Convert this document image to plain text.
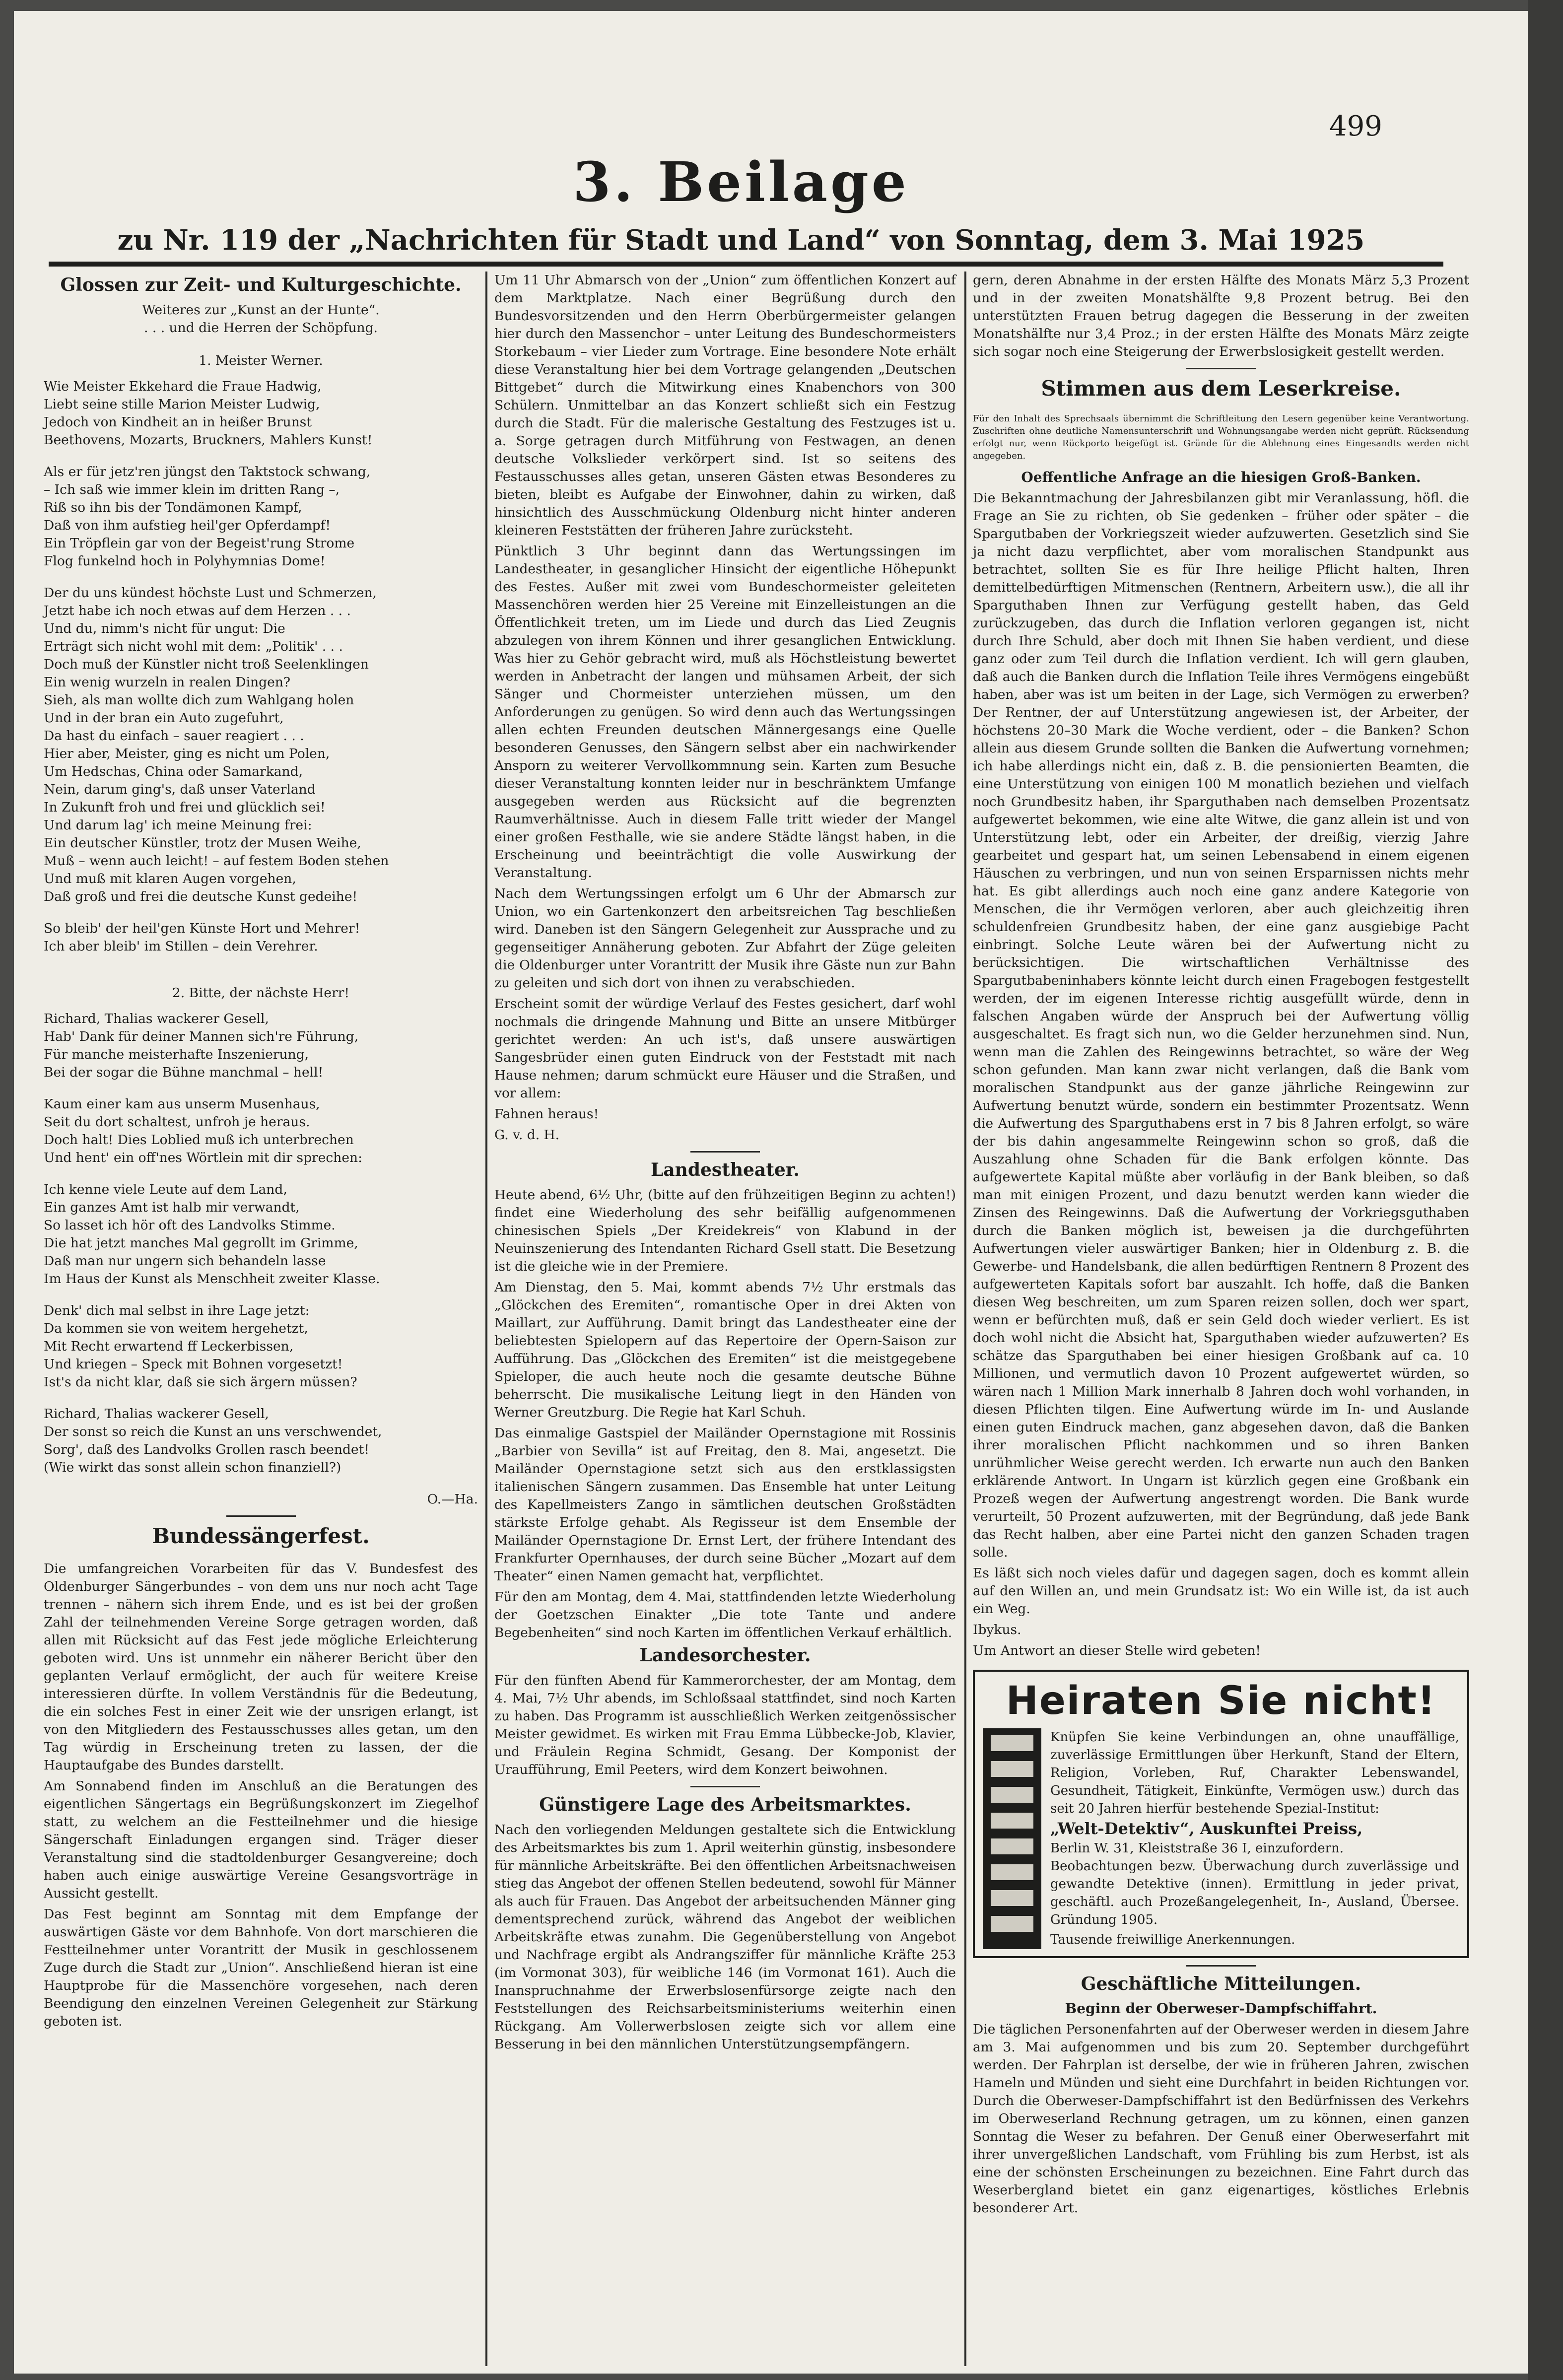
499
3. Beilage
zu Nr. 119 der „Nachrichten für Stadt und Land“ von Sonntag, dem 3. Mai 1925
Glossen zur Zeit- und Kulturgeschichte.
Weiteres zur „Kunst an der Hunte“.
. . . und die Herren der Schöpfung.
1. Meister Werner.
Wie Meister Ekkehard die Fraue Hadwig,
Liebt seine stille Marion Meister Ludwig,
Jedoch von Kindheit an in heißer Brunst
Beethovens, Mozarts, Bruckners, Mahlers Kunst!
Als er für jetz'ren jüngst den Taktstock schwang,
– Ich saß wie immer klein im dritten Rang –,
Riß so ihn bis der Tondämonen Kampf,
Daß von ihm aufstieg heil'ger Opferdampf!
Ein Tröpflein gar von der Begeist'rung Strome
Flog funkelnd hoch in Polyhymnias Dome!
Der du uns kündest höchste Lust und Schmerzen,
Jetzt habe ich noch etwas auf dem Herzen . . .
Und du, nimm's nicht für ungut: Die
Erträgt sich nicht wohl mit dem: „Politik' . . .
Doch muß der Künstler nicht troß Seelenklingen
Ein wenig wurzeln in realen Dingen?
Sieh, als man wollte dich zum Wahlgang holen
Und in der bran ein Auto zugefuhrt,
Da hast du einfach – sauer reagiert . . .
Hier aber, Meister, ging es nicht um Polen,
Um Hedschas, China oder Samarkand,
Nein, darum ging's, daß unser Vaterland
In Zukunft froh und frei und glücklich sei!
Und darum lag' ich meine Meinung frei:
Ein deutscher Künstler, trotz der Musen Weihe,
Muß – wenn auch leicht! – auf festem Boden stehen
Und muß mit klaren Augen vorgehen,
Daß groß und frei die deutsche Kunst gedeihe!
So bleib' der heil'gen Künste Hort und Mehrer!
Ich aber bleib' im Stillen – dein Verehrer.
2. Bitte, der nächste Herr!
Richard, Thalias wackerer Gesell,
Hab' Dank für deiner Mannen sich're Führung,
Für manche meisterhafte Inszenierung,
Bei der sogar die Bühne manchmal – hell!
Kaum einer kam aus unserm Musenhaus,
Seit du dort schaltest, unfroh je heraus.
Doch halt! Dies Loblied muß ich unterbrechen
Und hent' ein off'nes Wörtlein mit dir sprechen:
Ich kenne viele Leute auf dem Land,
Ein ganzes Amt ist halb mir verwandt,
So lasset ich hör oft des Landvolks Stimme.
Die hat jetzt manches Mal gegrollt im Grimme,
Daß man nur ungern sich behandeln lasse
Im Haus der Kunst als Menschheit zweiter Klasse.
Denk' dich mal selbst in ihre Lage jetzt:
Da kommen sie von weitem hergehetzt,
Mit Recht erwartend ff Leckerbissen,
Und kriegen – Speck mit Bohnen vorgesetzt!
Ist's da nicht klar, daß sie sich ärgern müssen?
Richard, Thalias wackerer Gesell,
Der sonst so reich die Kunst an uns verschwendet,
Sorg', daß des Landvolks Grollen rasch beendet!
(Wie wirkt das sonst allein schon finanziell?)
O.—Ha.
Bundessängerfest.

Die umfangreichen Vorarbeiten für das V. Bundesfest des Oldenburger Sängerbundes – von dem uns nur noch acht Tage trennen – nähern sich ihrem Ende, und es ist bei der großen Zahl der teilnehmenden Vereine Sorge getragen worden, daß allen mit Rücksicht auf das Fest jede mögliche Erleichterung geboten wird. Uns ist unnmehr ein näherer Bericht über den geplanten Verlauf ermöglicht, der auch für weitere Kreise interessieren dürfte. In vollem Verständnis für die Bedeutung, die ein solches Fest in einer Zeit wie der unsrigen erlangt, ist von den Mitgliedern des Festausschusses alles getan, um den Tag würdig in Erscheinung treten zu lassen, der die Hauptaufgabe des Bundes darstellt.

Am Sonnabend finden im Anschluß an die Beratungen des eigentlichen Sängertags ein Begrüßungskonzert im Ziegelhof statt, zu welchem an die Festteilnehmer und die hiesige Sängerschaft Einladungen ergangen sind. Träger dieser Veranstaltung sind die stadtoldenburger Gesangvereine; doch haben auch einige auswärtige Vereine Gesangsvorträge in Aussicht gestellt.

Das Fest beginnt am Sonntag mit dem Empfange der auswärtigen Gäste vor dem Bahnhofe. Von dort marschieren die Festteilnehmer unter Vorantritt der Musik in geschlossenem Zuge durch die Stadt zur „Union“. Anschließend hieran ist eine Hauptprobe für die Massenchöre vorgesehen, nach deren Beendigung den einzelnen Vereinen Gelegenheit zur Stärkung geboten ist.

Um 11 Uhr Abmarsch von der „Union“ zum öffentlichen Konzert auf dem Marktplatze. Nach einer Begrüßung durch den Bundesvorsitzenden und den Herrn Oberbürgermeister gelangen hier durch den Massenchor – unter Leitung des Bundeschormeisters Storkebaum – vier Lieder zum Vortrage. Eine besondere Note erhält diese Veranstaltung hier bei dem Vortrage gelangenden „Deutschen Bittgebet“ durch die Mitwirkung eines Knabenchors von 300 Schülern. Unmittelbar an das Konzert schließt sich ein Festzug durch die Stadt. Für die malerische Gestaltung des Festzuges ist u. a. Sorge getragen durch Mitführung von Festwagen, an denen deutsche Volkslieder verkörpert sind. Ist so seitens des Festausschusses alles getan, unseren Gästen etwas Besonderes zu bieten, bleibt es Aufgabe der Einwohner, dahin zu wirken, daß hinsichtlich des Ausschmückung Oldenburg nicht hinter anderen kleineren Feststätten der früheren Jahre zurücksteht.

Pünktlich 3 Uhr beginnt dann das Wertungssingen im Landestheater, in gesanglicher Hinsicht der eigentliche Höhepunkt des Festes. Außer mit zwei vom Bundeschormeister geleiteten Massenchören werden hier 25 Vereine mit Einzelleistungen an die Öffentlichkeit treten, um im Liede und durch das Lied Zeugnis abzulegen von ihrem Können und ihrer gesanglichen Entwicklung. Was hier zu Gehör gebracht wird, muß als Höchstleistung bewertet werden in Anbetracht der langen und mühsamen Arbeit, der sich Sänger und Chormeister unterziehen müssen, um den Anforderungen zu genügen. So wird denn auch das Wertungssingen allen echten Freunden deutschen Männergesangs eine Quelle besonderen Genusses, den Sängern selbst aber ein nachwirkender Ansporn zu weiterer Vervollkommnung sein. Karten zum Besuche dieser Veranstaltung konnten leider nur in beschränktem Umfange ausgegeben werden aus Rücksicht auf die begrenzten Raumverhältnisse. Auch in diesem Falle tritt wieder der Mangel einer großen Festhalle, wie sie andere Städte längst haben, in die Erscheinung und beeinträchtigt die volle Auswirkung der Veranstaltung.

Nach dem Wertungssingen erfolgt um 6 Uhr der Abmarsch zur Union, wo ein Gartenkonzert den arbeitsreichen Tag beschließen wird. Daneben ist den Sängern Gelegenheit zur Aussprache und zu gegenseitiger Annäherung geboten. Zur Abfahrt der Züge geleiten die Oldenburger unter Vorantritt der Musik ihre Gäste nun zur Bahn zu geleiten und sich dort von ihnen zu verabschieden.

Erscheint somit der würdige Verlauf des Festes gesichert, darf wohl nochmals die dringende Mahnung und Bitte an unsere Mitbürger gerichtet werden: An uch ist's, daß unsere auswärtigen Sangesbrüder einen guten Eindruck von der Feststadt mit nach Hause nehmen; darum schmückt eure Häuser und die Straßen, und vor allem:

Fahnen heraus!

G. v. d. H.

Landestheater.

Heute abend, 6½ Uhr, (bitte auf den frühzeitigen Beginn zu achten!) findet eine Wiederholung des sehr beifällig aufgenommenen chinesischen Spiels „Der Kreidekreis“ von Klabund in der Neuinszenierung des Intendanten Richard Gsell statt. Die Besetzung ist die gleiche wie in der Premiere.

Am Dienstag, den 5. Mai, kommt abends 7½ Uhr erstmals das „Glöckchen des Eremiten“, romantische Oper in drei Akten von Maillart, zur Aufführung. Damit bringt das Landestheater eine der beliebtesten Spielopern auf das Repertoire der Opern-Saison zur Aufführung. Das „Glöckchen des Eremiten“ ist die meistgegebene Spieloper, die auch heute noch die gesamte deutsche Bühne beherrscht. Die musikalische Leitung liegt in den Händen von Werner Greutzburg. Die Regie hat Karl Schuh.

Das einmalige Gastspiel der Mailänder Opernstagione mit Rossinis „Barbier von Sevilla“ ist auf Freitag, den 8. Mai, angesetzt. Die Mailänder Opernstagione setzt sich aus den erstklassigsten italienischen Sängern zusammen. Das Ensemble hat unter Leitung des Kapellmeisters Zango in sämtlichen deutschen Großstädten stärkste Erfolge gehabt. Als Regisseur ist dem Ensemble der Mailänder Opernstagione Dr. Ernst Lert, der frühere Intendant des Frankfurter Opernhauses, der durch seine Bücher „Mozart auf dem Theater“ einen Namen gemacht hat, verpflichtet.

Für den am Montag, dem 4. Mai, stattfindenden letzte Wiederholung der Goetzschen Einakter „Die tote Tante und andere Begebenheiten“ sind noch Karten im öffentlichen Verkauf erhältlich.

Landesorchester.

Für den fünften Abend für Kammerorchester, der am Montag, dem 4. Mai, 7½ Uhr abends, im Schloßsaal stattfindet, sind noch Karten zu haben. Das Programm ist ausschließlich Werken zeitgenössischer Meister gewidmet. Es wirken mit Frau Emma Lübbecke-Job, Klavier, und Fräulein Regina Schmidt, Gesang. Der Komponist der Uraufführung, Emil Peeters, wird dem Konzert beiwohnen.

Günstigere Lage des Arbeitsmarktes.

Nach den vorliegenden Meldungen gestaltete sich die Entwicklung des Arbeitsmarktes bis zum 1. April weiterhin günstig, insbesondere für männliche Arbeitskräfte. Bei den öffentlichen Arbeitsnachweisen stieg das Angebot der offenen Stellen bedeutend, sowohl für Männer als auch für Frauen. Das Angebot der arbeitsuchenden Männer ging dementsprechend zurück, während das Angebot der weiblichen Arbeitskräfte etwas zunahm. Die Gegenüberstellung von Angebot und Nachfrage ergibt als Andrangsziffer für männliche Kräfte 253 (im Vormonat 303), für weibliche 146 (im Vormonat 161). Auch die Inanspruchnahme der Erwerbslosenfürsorge zeigte nach den Feststellungen des Reichsarbeitsministeriums weiterhin einen Rückgang. Am Vollerwerbslosen zeigte sich vor allem eine Besserung in bei den männlichen Unterstützungsempfängern.

gern, deren Abnahme in der ersten Hälfte des Monats März 5,3 Prozent und in der zweiten Monatshälfte 9,8 Prozent betrug. Bei den unterstützten Frauen betrug dagegen die Besserung in der zweiten Monatshälfte nur 3,4 Proz.; in der ersten Hälfte des Monats März zeigte sich sogar noch eine Steigerung der Erwerbslosigkeit gestellt werden.

Stimmen aus dem Leserkreise.

Für den Inhalt des Sprechsaals übernimmt die Schriftleitung den Lesern gegenüber keine Verantwortung. Zuschriften ohne deutliche Namensunterschrift und Wohnungsangabe werden nicht geprüft. Rücksendung erfolgt nur, wenn Rückporto beigefügt ist. Gründe für die Ablehnung eines Eingesandts werden nicht angegeben.

Oeffentliche Anfrage an die hiesigen Groß-Banken.

Die Bekanntmachung der Jahresbilanzen gibt mir Veranlassung, höfl. die Frage an Sie zu richten, ob Sie gedenken – früher oder später – die Spargutbaben der Vorkriegszeit wieder aufzuwerten. Gesetzlich sind Sie ja nicht dazu verpflichtet, aber vom moralischen Standpunkt aus betrachtet, sollten Sie es für Ihre heilige Pflicht halten, Ihren demittelbedürftigen Mitmenschen (Rentnern, Arbeitern usw.), die all ihr Sparguthaben Ihnen zur Verfügung gestellt haben, das Geld zurückzugeben, das durch die Inflation verloren gegangen ist, nicht durch Ihre Schuld, aber doch mit Ihnen Sie haben verdient, und diese ganz oder zum Teil durch die Inflation verdient. Ich will gern glauben, daß auch die Banken durch die Inflation Teile ihres Vermögens eingebüßt haben, aber was ist um beiten in der Lage, sich Vermögen zu erwerben? Der Rentner, der auf Unterstützung angewiesen ist, der Arbeiter, der höchstens 20–30 Mark die Woche verdient, oder – die Banken? Schon allein aus diesem Grunde sollten die Banken die Aufwertung vornehmen; ich habe allerdings nicht ein, daß z. B. die pensionierten Beamten, die eine Unterstützung von einigen 100 M monatlich beziehen und vielfach noch Grundbesitz haben, ihr Sparguthaben nach demselben Prozentsatz aufgewertet bekommen, wie eine alte Witwe, die ganz allein ist und von Unterstützung lebt, oder ein Arbeiter, der dreißig, vierzig Jahre gearbeitet und gespart hat, um seinen Lebensabend in einem eigenen Häuschen zu verbringen, und nun von seinen Ersparnissen nichts mehr hat. Es gibt allerdings auch noch eine ganz andere Kategorie von Menschen, die ihr Vermögen verloren, aber auch gleichzeitig ihren schuldenfreien Grundbesitz haben, der eine ganz ausgiebige Pacht einbringt. Solche Leute wären bei der Aufwertung nicht zu berücksichtigen. Die wirtschaftlichen Verhältnisse des Spargutbabeninhabers könnte leicht durch einen Fragebogen festgestellt werden, der im eigenen Interesse richtig ausgefüllt würde, denn in falschen Angaben würde der Anspruch bei der Aufwertung völlig ausgeschaltet. Es fragt sich nun, wo die Gelder herzunehmen sind. Nun, wenn man die Zahlen des Reingewinns betrachtet, so wäre der Weg schon gefunden. Man kann zwar nicht verlangen, daß die Bank vom moralischen Standpunkt aus der ganze jährliche Reingewinn zur Aufwertung benutzt würde, sondern ein bestimmter Prozentsatz. Wenn die Aufwertung des Sparguthabens erst in 7 bis 8 Jahren erfolgt, so wäre der bis dahin angesammelte Reingewinn schon so groß, daß die Auszahlung ohne Schaden für die Bank erfolgen könnte. Das aufgewertete Kapital müßte aber vorläufig in der Bank bleiben, so daß man mit einigen Prozent, und dazu benutzt werden kann wieder die Zinsen des Reingewinns. Daß die Aufwertung der Vorkriegsguthaben durch die Banken möglich ist, beweisen ja die durchgeführten Aufwertungen vieler auswärtiger Banken; hier in Oldenburg z. B. die Gewerbe- und Handelsbank, die allen bedürftigen Rentnern 8 Prozent des aufgewerteten Kapitals sofort bar auszahlt. Ich hoffe, daß die Banken diesen Weg beschreiten, um zum Sparen reizen sollen, doch wer spart, wenn er befürchten muß, daß er sein Geld doch wieder verliert. Es ist doch wohl nicht die Absicht hat, Sparguthaben wieder aufzuwerten? Es schätze das Sparguthaben bei einer hiesigen Großbank auf ca. 10 Millionen, und vermutlich davon 10 Prozent aufgewertet würden, so wären nach 1 Million Mark innerhalb 8 Jahren doch wohl vorhanden, in diesen Pflichten tilgen. Eine Aufwertung würde im In- und Auslande einen guten Eindruck machen, ganz abgesehen davon, daß die Banken ihrer moralischen Pflicht nachkommen und so ihren Banken unrühmlicher Weise gerecht werden. Ich erwarte nun auch den Banken erklärende Antwort. In Ungarn ist kürzlich gegen eine Großbank ein Prozeß wegen der Aufwertung angestrengt worden. Die Bank wurde verurteilt, 50 Prozent aufzuwerten, mit der Begründung, daß jede Bank das Recht halben, aber eine Partei nicht den ganzen Schaden tragen solle.

Es läßt sich noch vieles dafür und dagegen sagen, doch es kommt allein auf den Willen an, und mein Grundsatz ist: Wo ein Wille ist, da ist auch ein Weg.

Ibykus.

Um Antwort an dieser Stelle wird gebeten!

Heiraten Sie nicht!

Knüpfen Sie keine Verbindungen an, ohne unauffällige, zuverlässige Ermittlungen über Herkunft, Stand der Eltern, Religion, Vorleben, Ruf, Charakter Lebenswandel, Gesundheit, Tätigkeit, Einkünfte, Vermögen usw.) durch das seit 20 Jahren hierfür bestehende Spezial-Institut:

„Welt-Detektiv“, Auskunftei Preiss,

Berlin W. 31, Kleiststraße 36 I, einzufordern.

Beobachtungen bezw. Überwachung durch zuverlässige und gewandte Detektive (innen). Ermittlung in jeder privat, geschäftl. auch Prozeßangelegenheit, In-, Ausland, Übersee. Gründung 1905.

Tausende freiwillige Anerkennungen.

Geschäftliche Mitteilungen.
Beginn der Oberweser-Dampfschiffahrt.

Die täglichen Personenfahrten auf der Oberweser werden in diesem Jahre am 3. Mai aufgenommen und bis zum 20. September durchgeführt werden. Der Fahrplan ist derselbe, der wie in früheren Jahren, zwischen Hameln und Münden und sieht eine Durchfahrt in beiden Richtungen vor. Durch die Oberweser-Dampfschiffahrt ist den Bedürfnissen des Verkehrs im Oberweserland Rechnung getragen, um zu können, einen ganzen Sonntag die Weser zu befahren. Der Genuß einer Oberweserfahrt mit ihrer unvergeßlichen Landschaft, vom Frühling bis zum Herbst, ist als eine der schönsten Erscheinungen zu bezeichnen. Eine Fahrt durch das Weserbergland bietet ein ganz eigenartiges, köstliches Erlebnis besonderer Art.
